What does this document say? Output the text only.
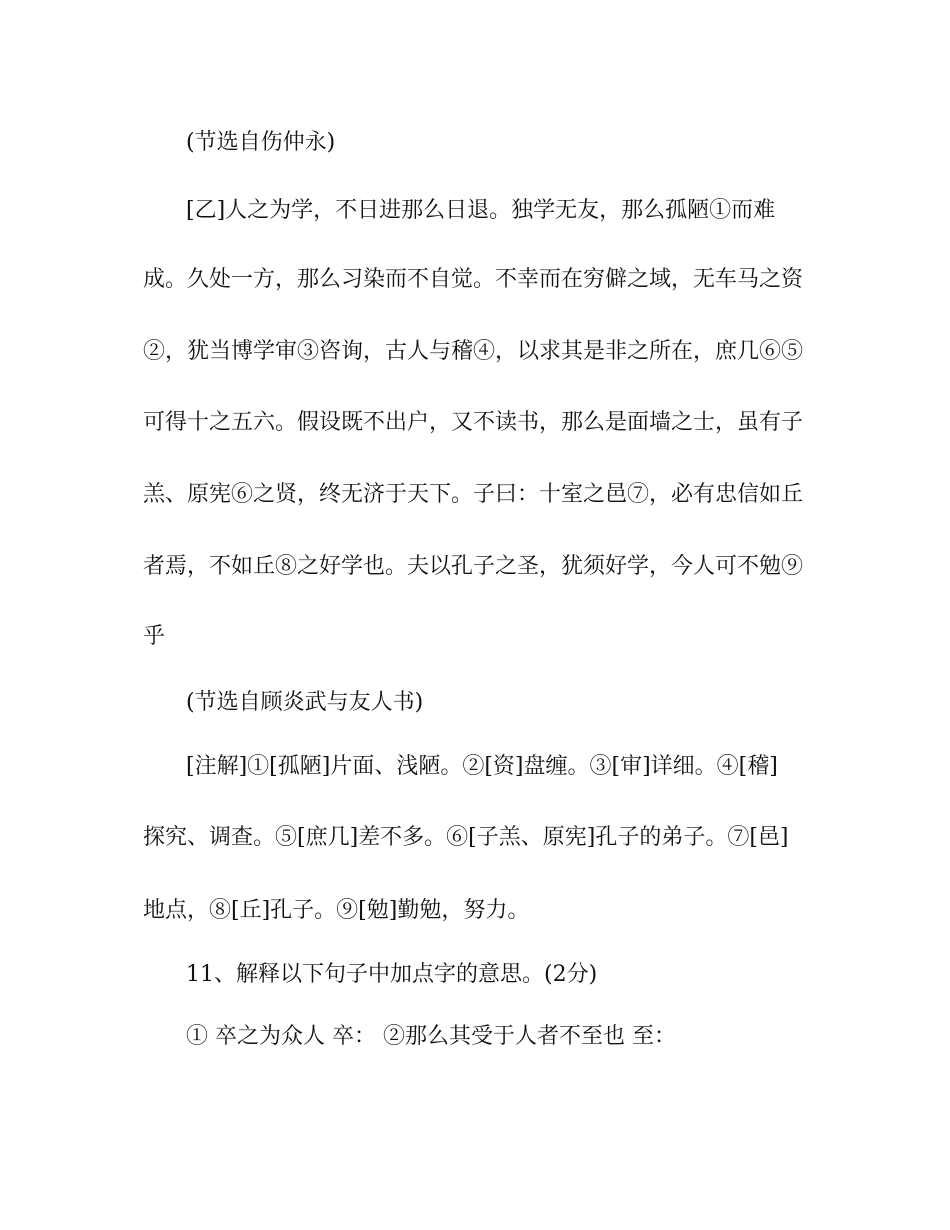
(节选自伤仲永)
[乙]人之为学，不日进那么日退。独学无友，那么孤陋①而难
成。久处一方，那么习染而不自觉。不幸而在穷僻之域，无车马之资
②，犹当博学审③咨询，古人与稽④，以求其是非之所在，庶几⑥⑤
可得十之五六。假设既不出户，又不读书，那么是面墙之士，虽有子
羔、原宪⑥之贤，终无济于天下。子曰：十室之邑⑦，必有忠信如丘
者焉，不如丘⑧之好学也。夫以孔子之圣，犹须好学，今人可不勉⑨
乎
(节选自顾炎武与友人书)
[注解]①[孤陋]片面、浅陋。②[资]盘缠。③[审]详细。④[稽]
探究、调查。⑤[庶几]差不多。⑥[子羔、原宪]孔子的弟子。⑦[邑]
地点，⑧[丘]孔子。⑨[勉]勤勉，努力。
11、解释以下句子中加点字的意思。(2分)
① 卒之为众人 卒： ②那么其受于人者不至也 至：
